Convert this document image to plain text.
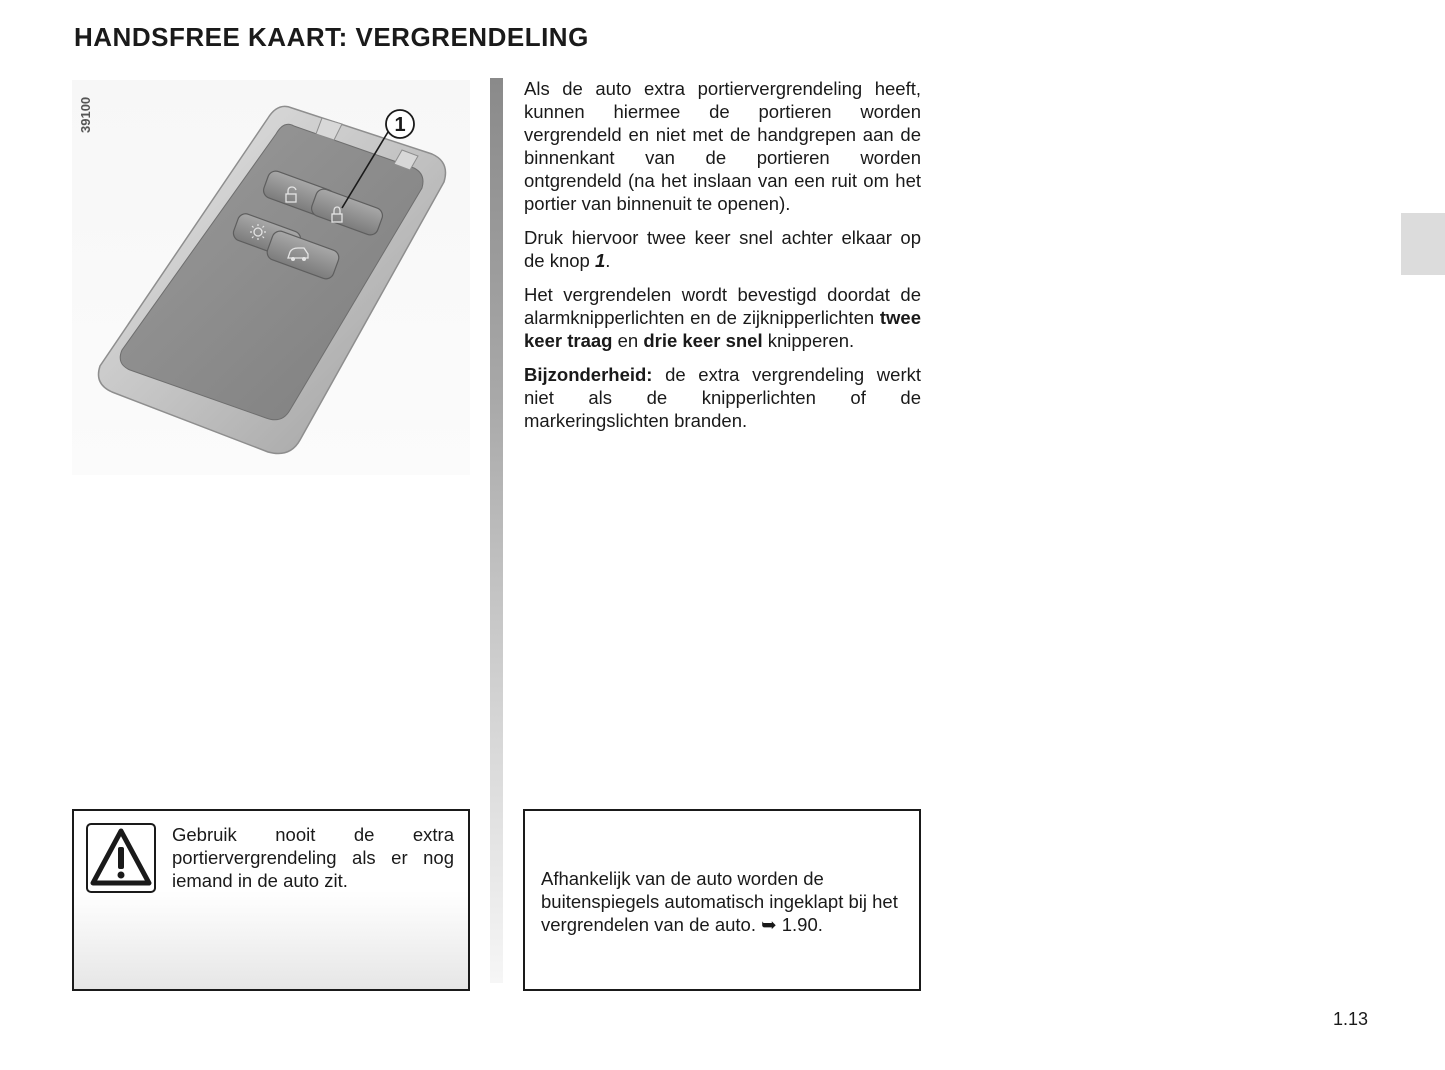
HANDSFREE KAART: VERGRENDELING
1
39100

Als de auto extra portiervergrendeling heeft, kunnen hiermee de portieren worden vergrendeld en niet met de handgrepen aan de binnenkant van de portieren worden ontgrendeld (na het inslaan van een ruit om het portier van binnenuit te openen).

Druk hiervoor twee keer snel achter elkaar op de knop 1.

Het vergrendelen wordt bevestigd doordat de alarmknipperlichten en de zijknipperlichten twee keer traag en drie keer snel knipperen.

Bijzonderheid: de extra vergrendeling werkt niet als de knipperlichten of de markeringslichten branden.

Gebruik nooit de extra portiervergrendeling als er nog iemand in de auto zit.	Afhankelijk van de auto worden de buitenspiegels automatisch ingeklapt bij het vergrendelen van de auto. ➥ 1.90.
1.13
